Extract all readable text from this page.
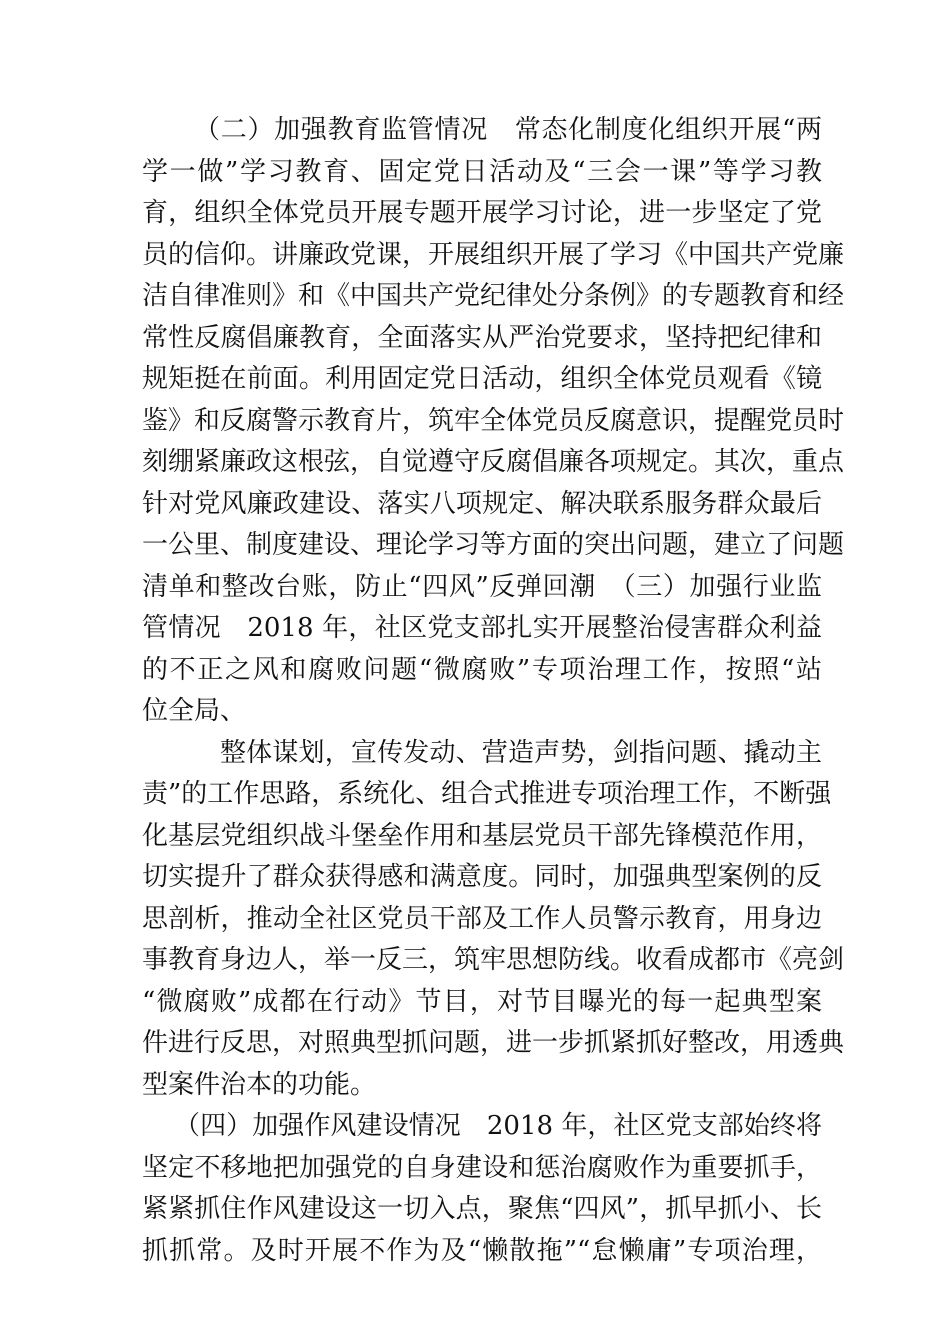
（二）加强教育监管情况　常态化制度化组织开展“两
学一做”学习教育、固定党日活动及“三会一课”等学习教
育，组织全体党员开展专题开展学习讨论，进一步坚定了党
员的信仰。讲廉政党课，开展组织开展了学习《中国共产党廉
洁自律准则》和《中国共产党纪律处分条例》的专题教育和经
常性反腐倡廉教育，全面落实从严治党要求，坚持把纪律和
规矩挺在前面。利用固定党日活动，组织全体党员观看《镜
鉴》和反腐警示教育片，筑牢全体党员反腐意识，提醒党员时
刻绷紧廉政这根弦，自觉遵守反腐倡廉各项规定。其次，重点
针对党风廉政建设、落实八项规定、解决联系服务群众最后
一公里、制度建设、理论学习等方面的突出问题，建立了问题
清单和整改台账，防止“四风”反弹回潮　（三）加强行业监
管情况　2018 年，社区党支部扎实开展整治侵害群众利益
的不正之风和腐败问题“微腐败”专项治理工作，按照“站
位全局、
整体谋划，宣传发动、营造声势，剑指问题、撬动主
责”的工作思路，系统化、组合式推进专项治理工作，不断强
化基层党组织战斗堡垒作用和基层党员干部先锋模范作用，
切实提升了群众获得感和满意度。同时，加强典型案例的反
思剖析，推动全社区党员干部及工作人员警示教育，用身边
事教育身边人，举一反三，筑牢思想防线。收看成都市《亮剑
“微腐败”成都在行动》节目，对节目曝光的每一起典型案
件进行反思，对照典型抓问题，进一步抓紧抓好整改，用透典
型案件治本的功能。
（四）加强作风建设情况　2018 年，社区党支部始终将
坚定不移地把加强党的自身建设和惩治腐败作为重要抓手，
紧紧抓住作风建设这一切入点，聚焦“四风”，抓早抓小、长
抓抓常。及时开展不作为及“懒散拖”“怠懒庸”专项治理，
